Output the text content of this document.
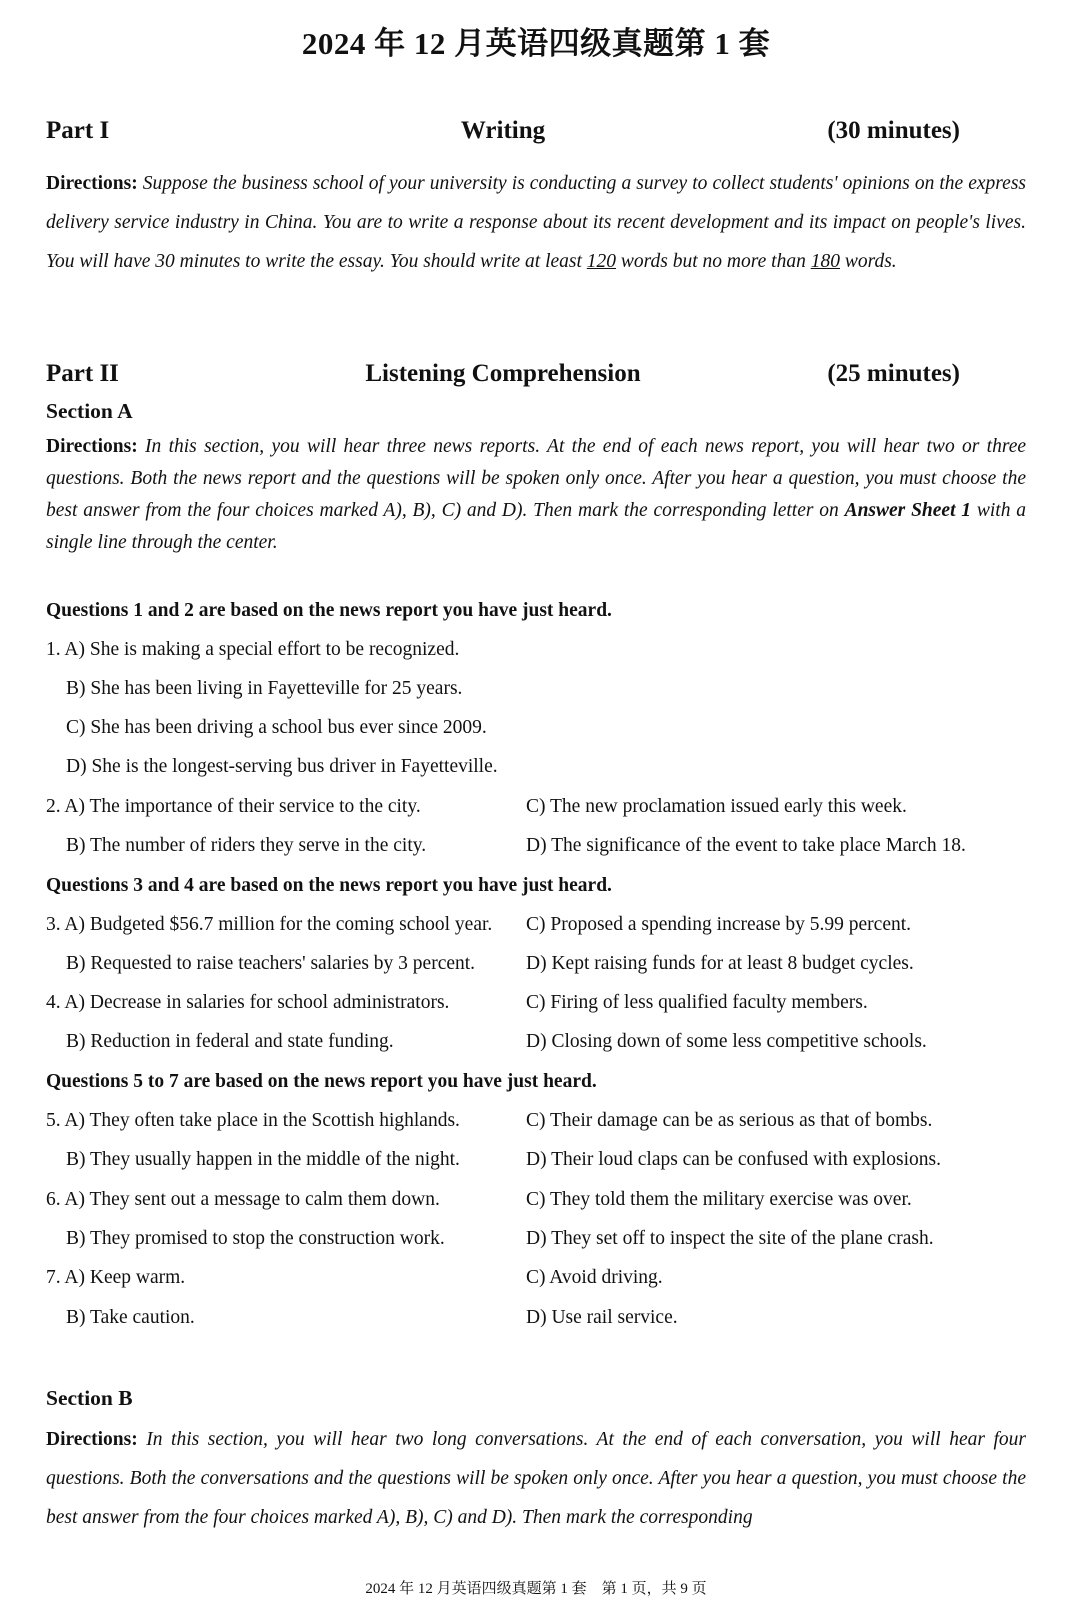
2024 年 12 月英语四级真题第 1 套
Part I	Writing	(30 minutes)
Directions: Suppose the business school of your university is conducting a survey to collect students' opinions on the express delivery service industry in China. You are to write a response about its recent development and its impact on people's lives. You will have 30 minutes to write the essay. You should write at least 120 words but no more than 180 words.
Part II	Listening Comprehension	(25 minutes)
Section A
Directions: In this section, you will hear three news reports. At the end of each news report, you will hear two or three questions. Both the news report and the questions will be spoken only once. After you hear a question, you must choose the best answer from the four choices marked A), B), C) and D). Then mark the corresponding letter on Answer Sheet 1 with a single line through the center.
Questions 1 and 2 are based on the news report you have just heard.
1. A) She is making a special effort to be recognized.
B) She has been living in Fayetteville for 25 years.
C) She has been driving a school bus ever since 2009.
D) She is the longest-serving bus driver in Fayetteville.
2. A) The importance of their service to the city.	C) The new proclamation issued early this week.
B) The number of riders they serve in the city.	D) The significance of the event to take place March 18.
Questions 3 and 4 are based on the news report you have just heard.
3. A) Budgeted $56.7 million for the coming school year. C) Proposed a spending increase by 5.99 percent.
B) Requested to raise teachers' salaries by 3 percent.	D) Kept raising funds for at least 8 budget cycles.
4. A) Decrease in salaries for school administrators.	C) Firing of less qualified faculty members.
B) Reduction in federal and state funding.	D) Closing down of some less competitive schools.
Questions 5 to 7 are based on the news report you have just heard.
5. A) They often take place in the Scottish highlands.	C) Their damage can be as serious as that of bombs.
B) They usually happen in the middle of the night.	D) Their loud claps can be confused with explosions.
6. A) They sent out a message to calm them down.	C) They told them the military exercise was over.
B) They promised to stop the construction work.	D) They set off to inspect the site of the plane crash.
7. A) Keep warm.	C) Avoid driving.
B) Take caution.	D) Use rail service.
Section B
Directions: In this section, you will hear two long conversations. At the end of each conversation, you will hear four questions. Both the conversations and the questions will be spoken only once. After you hear a question, you must choose the best answer from the four choices marked A), B), C) and D). Then mark the corresponding
2024 年 12 月英语四级真题第 1 套　第 1 页，共 9 页
